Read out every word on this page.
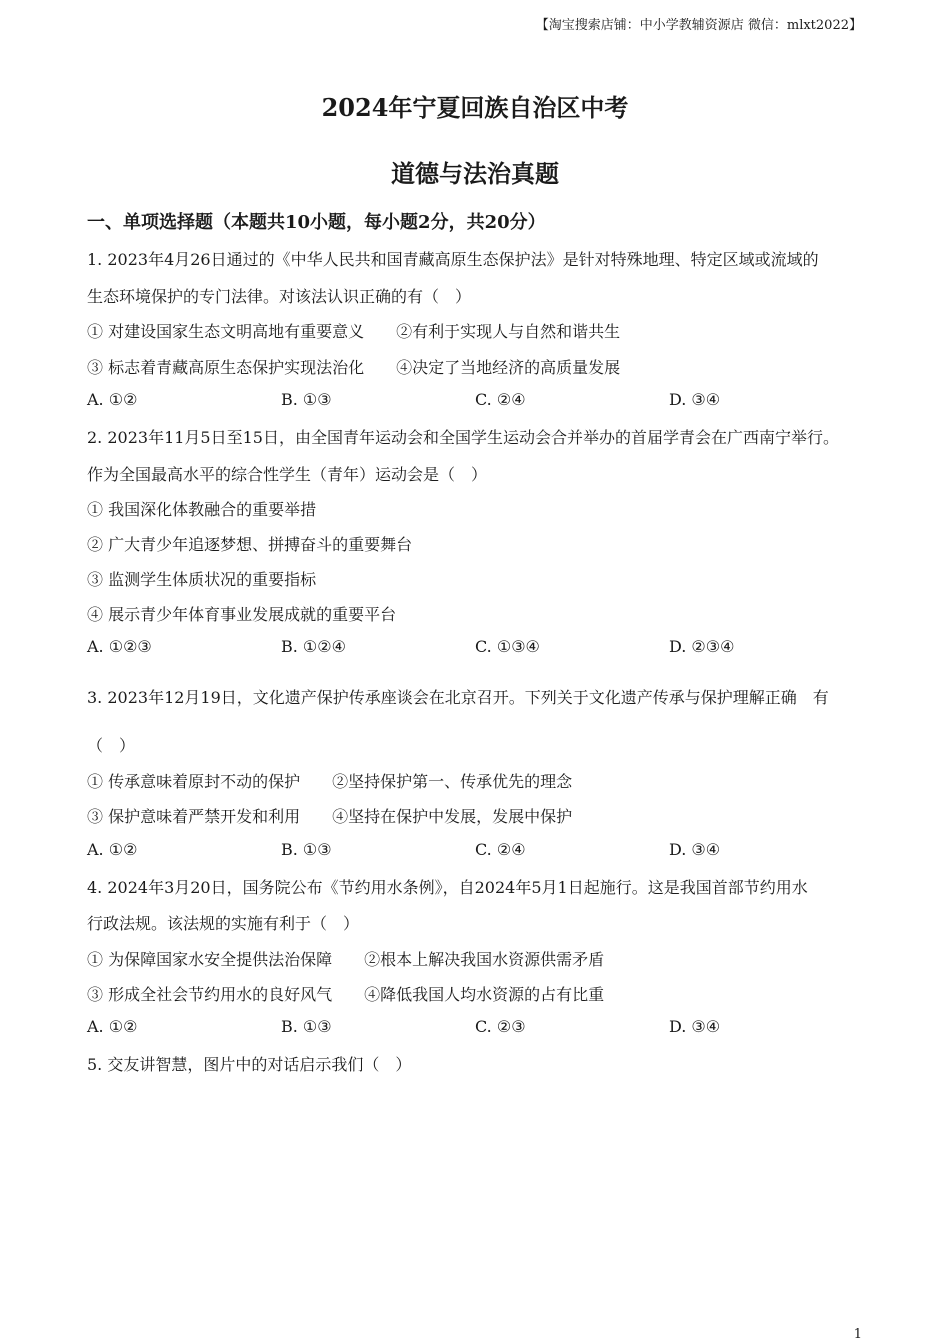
【淘宝搜索店铺：中小学教辅资源店 微信：mlxt2022】
2024年宁夏回族自治区中考
道德与法治真题
一、单项选择题（本题共10小题，每小题2分，共20分）
1. 2023年4月26日通过的《中华人民共和国青藏高原生态保护法》是针对特殊地理、特定区域或流域的
生态环境保护的专门法律。对该法认识正确的有（　）
① 对建设国家生态文明高地有重要意义　　②有利于实现人与自然和谐共生
③ 标志着青藏高原生态保护实现法治化　　④决定了当地经济的高质量发展
A. ①②	B. ①③	C. ②④	D. ③④
2. 2023年11月5日至15日，由全国青年运动会和全国学生运动会合并举办的首届学青会在广西南宁举行。
作为全国最高水平的综合性学生（青年）运动会是（　）
① 我国深化体教融合的重要举措
② 广大青少年追逐梦想、拼搏奋斗的重要舞台
③ 监测学生体质状况的重要指标
④ 展示青少年体育事业发展成就的重要平台
A. ①②③	B. ①②④	C. ①③④	D. ②③④
3. 2023年12月19日，文化遗产保护传承座谈会在北京召开。下列关于文化遗产传承与保护理解正确　有
（　）
① 传承意味着原封不动的保护　　②坚持保护第一、传承优先的理念
③ 保护意味着严禁开发和利用　　④坚持在保护中发展，发展中保护
A. ①②	B. ①③	C. ②④	D. ③④
4. 2024年3月20日，国务院公布《节约用水条例》，自2024年5月1日起施行。这是我国首部节约用水
行政法规。该法规的实施有利于（　）
① 为保障国家水安全提供法治保障　　②根本上解决我国水资源供需矛盾
③ 形成全社会节约用水的良好风气　　④降低我国人均水资源的占有比重
A. ①②	B. ①③	C. ②③	D. ③④
5. 交友讲智慧，图片中的对话启示我们（　）
1
